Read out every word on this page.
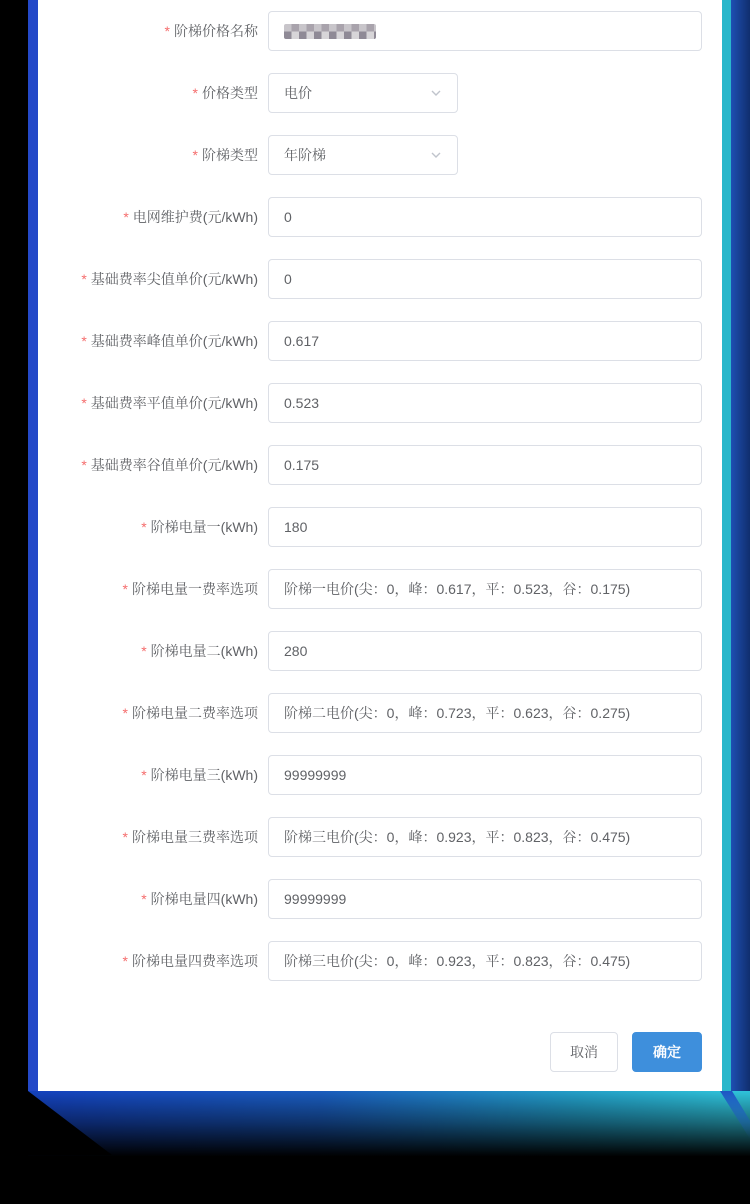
* 阶梯价格名称
* 价格类型 电价
* 阶梯类型 年阶梯
* 电网维护费(元/kWh) 0
* 基础费率尖值单价(元/kWh) 0
* 基础费率峰值单价(元/kWh) 0.617
* 基础费率平值单价(元/kWh) 0.523
* 基础费率谷值单价(元/kWh) 0.175
* 阶梯电量一(kWh) 180
* 阶梯电量一费率选项 阶梯一电价(尖：0，峰：0.617，平：0.523，谷：0.175)
* 阶梯电量二(kWh) 280
* 阶梯电量二费率选项 阶梯二电价(尖：0，峰：0.723，平：0.623，谷：0.275)
* 阶梯电量三(kWh) 99999999
* 阶梯电量三费率选项 阶梯三电价(尖：0，峰：0.923，平：0.823，谷：0.475)
* 阶梯电量四(kWh) 99999999
* 阶梯电量四费率选项 阶梯三电价(尖：0，峰：0.923，平：0.823，谷：0.475)
取消	确定
